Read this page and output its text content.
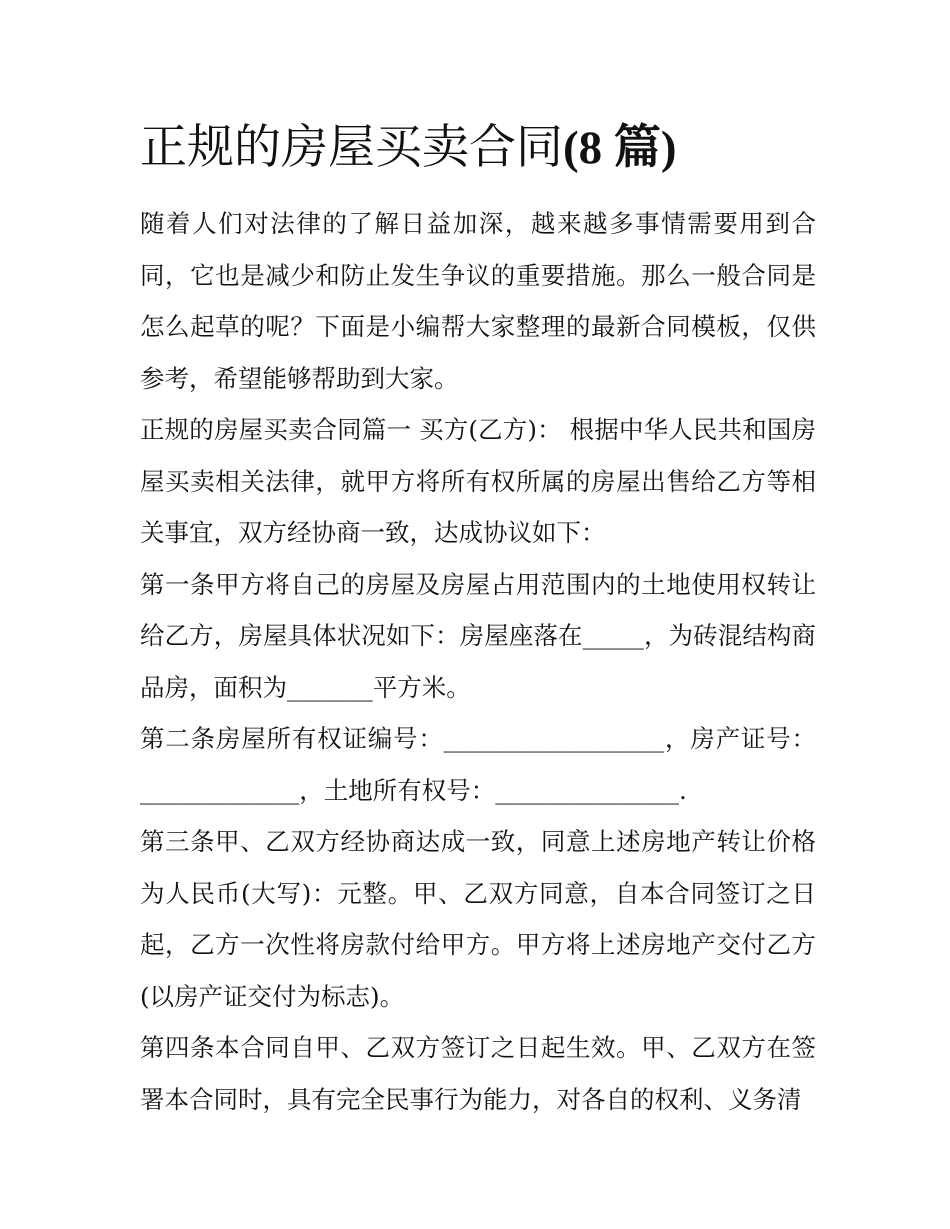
正规的房屋买卖合同(8 篇)

随着人们对法律的了解日益加深，越来越多事情需要用到合同，它也是减少和防止发生争议的重要措施。那么一般合同是怎么起草的呢？下面是小编帮大家整理的最新合同模板，仅供参考，希望能够帮助到大家。

正规的房屋买卖合同篇一 买方(乙方)： 根据中华人民共和国房屋买卖相关法律，就甲方将所有权所属的房屋出售给乙方等相关事宜，双方经协商一致，达成协议如下：

第一条甲方将自己的房屋及房屋占用范围内的土地使用权转让给乙方，房屋具体状况如下：房屋座落在_____，为砖混结构商品房，面积为_______平方米。

第二条房屋所有权证编号：__________________，房产证号：_____________，土地所有权号：_______________.

第三条甲、乙双方经协商达成一致，同意上述房地产转让价格为人民币(大写)：元整。甲、乙双方同意，自本合同签订之日起，乙方一次性将房款付给甲方。甲方将上述房地产交付乙方(以房产证交付为标志)。

第四条本合同自甲、乙双方签订之日起生效。甲、乙双方在签署本合同时，具有完全民事行为能力，对各自的权利、义务清
